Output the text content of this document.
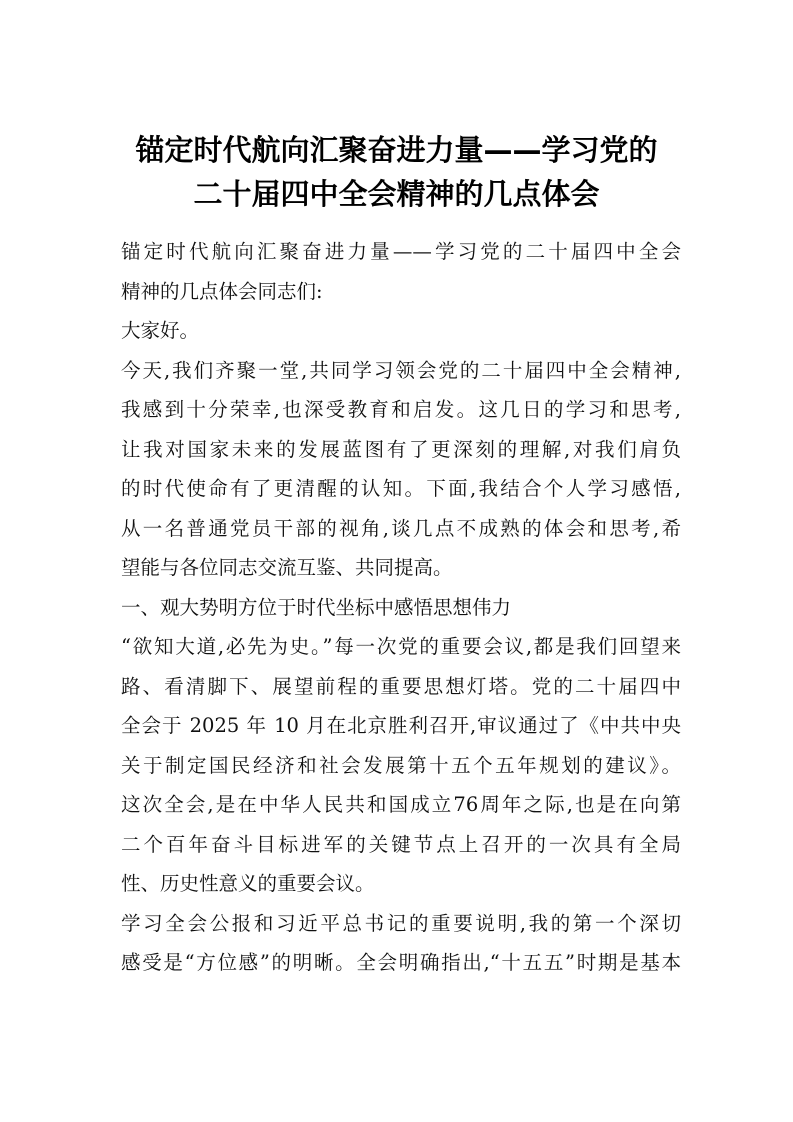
锚定时代航向汇聚奋进力量——学习党的
二十届四中全会精神的几点体会
锚定时代航向汇聚奋进力量——学习党的二十届四中全会
精神的几点体会同志们:
大家好。
今天,我们齐聚一堂,共同学习领会党的二十届四中全会精神,
我感到十分荣幸,也深受教育和启发。这几日的学习和思考,
让我对国家未来的发展蓝图有了更深刻的理解,对我们肩负
的时代使命有了更清醒的认知。下面,我结合个人学习感悟,
从一名普通党员干部的视角,谈几点不成熟的体会和思考,希
望能与各位同志交流互鉴、共同提高。
一、观大势明方位于时代坐标中感悟思想伟力
“欲知大道,必先为史。”每一次党的重要会议,都是我们回望来
路、看清脚下、展望前程的重要思想灯塔。党的二十届四中
全会于 2025 年 10 月在北京胜利召开,审议通过了《中共中央
关于制定国民经济和社会发展第十五个五年规划的建议》。
这次全会,是在中华人民共和国成立76周年之际,也是在向第
二个百年奋斗目标进军的关键节点上召开的一次具有全局
性、历史性意义的重要会议。
学习全会公报和习近平总书记的重要说明,我的第一个深切
感受是“方位感”的明晰。全会明确指出,“十五五”时期是基本
